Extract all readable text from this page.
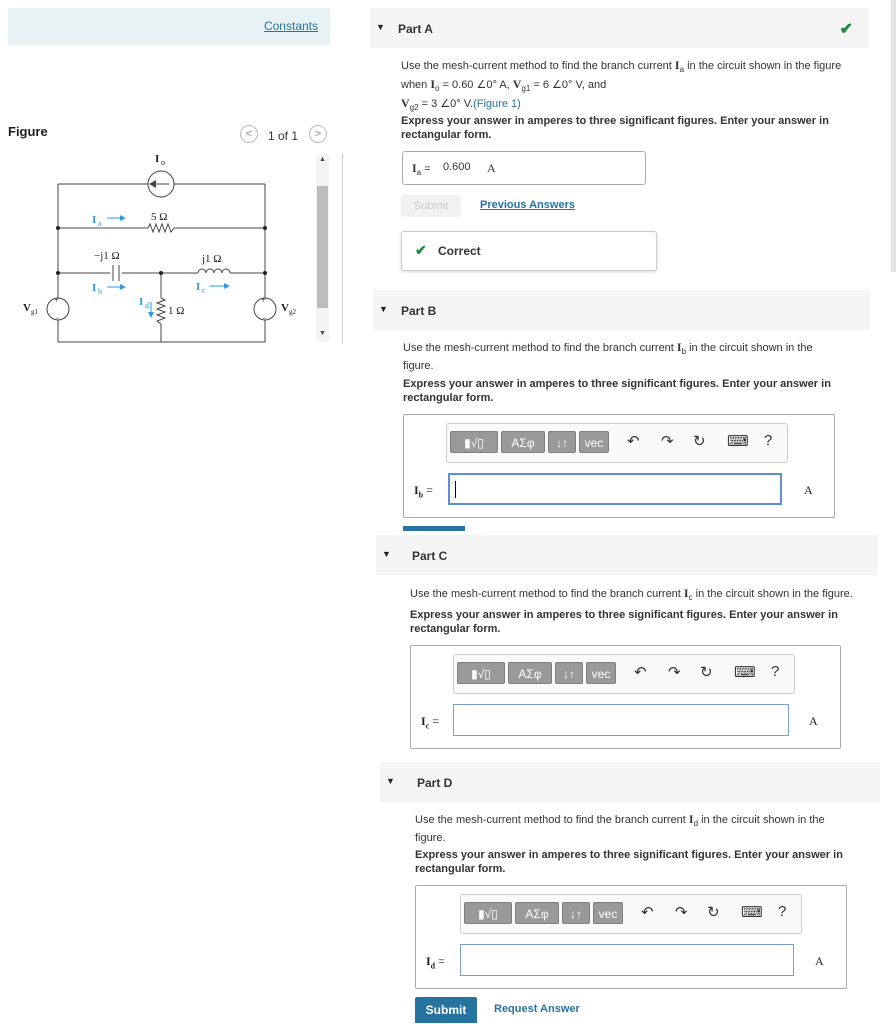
Constants
Figure	<	1 of 1	>
I o
5 Ω
I a
−j1 Ω	j1 Ω
I b	I c
1 Ω
I d
+
−
V g1
+
−
V g2
▲
▼
▼ Part A	✔
Use the mesh-current method to find the branch current $I_a$ in the circuit shown in the figure
when $I_o = 0.60$ ∠0° A, $V_{g1} = 6$ ∠0° V, and
$V_{g2} = 3$ ∠0° V.(Figure 1)
Express your answer in amperes to three significant figures. Enter your answer in rectangular form.
$I_a = 0.600$ A
Submit	Previous Answers
✔ Correct
▼ Part B
Use the mesh-current method to find the branch current $I_b$ in the circuit shown in the
figure.
Express your answer in amperes to three significant figures. Enter your answer in rectangular form.
▮√▯	ΑΣφ	↓↑	vec	↶ ↷ ↻ ⌨ ?
$I_b$ =	A
▼ Part C
Use the mesh-current method to find the branch current $I_c$ in the circuit shown in the figure.
Express your answer in amperes to three significant figures. Enter your answer in rectangular form.
▮√▯	ΑΣφ	↓↑	vec	↶ ↷ ↻ ⌨ ?
$I_c$ =	A
▼ Part D
Use the mesh-current method to find the branch current $I_d$ in the circuit shown in the
figure.
Express your answer in amperes to three significant figures. Enter your answer in rectangular form.
▮√▯	ΑΣφ	↓↑	vec	↶ ↷ ↻ ⌨ ?
$I_d$ =	A
Submit	Request Answer
